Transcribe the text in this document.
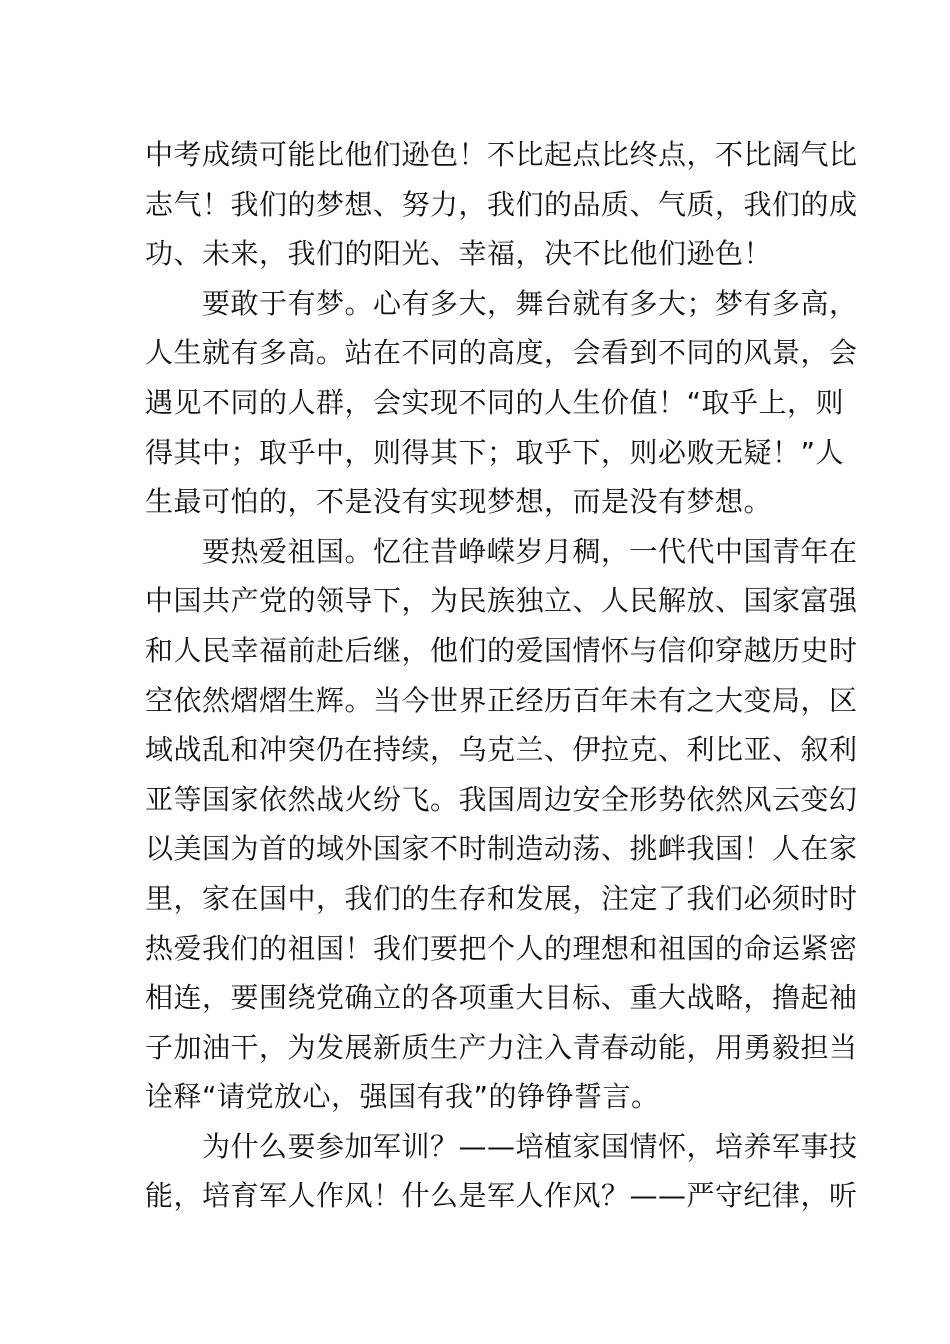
中考成绩可能比他们逊色！不比起点比终点，不比阔气比
志气！我们的梦想、努力，我们的品质、气质，我们的成
功、未来，我们的阳光、幸福，决不比他们逊色！
要敢于有梦。心有多大，舞台就有多大；梦有多高，
人生就有多高。站在不同的高度，会看到不同的风景，会
遇见不同的人群，会实现不同的人生价值！“取乎上，则
得其中；取乎中，则得其下；取乎下，则必败无疑！”人
生最可怕的，不是没有实现梦想，而是没有梦想。
要热爱祖国。忆往昔峥嵘岁月稠，一代代中国青年在
中国共产党的领导下，为民族独立、人民解放、国家富强
和人民幸福前赴后继，他们的爱国情怀与信仰穿越历史时
空依然熠熠生辉。当今世界正经历百年未有之大变局，区
域战乱和冲突仍在持续，乌克兰、伊拉克、利比亚、叙利
亚等国家依然战火纷飞。我国周边安全形势依然风云变幻
以美国为首的域外国家不时制造动荡、挑衅我国！人在家
里，家在国中，我们的生存和发展，注定了我们必须时时
热爱我们的祖国！我们要把个人的理想和祖国的命运紧密
相连，要围绕党确立的各项重大目标、重大战略，撸起袖
子加油干，为发展新质生产力注入青春动能，用勇毅担当
诠释“请党放心，强国有我”的铮铮誓言。
为什么要参加军训？——培植家国情怀，培养军事技
能，培育军人作风！什么是军人作风？——严守纪律，听
